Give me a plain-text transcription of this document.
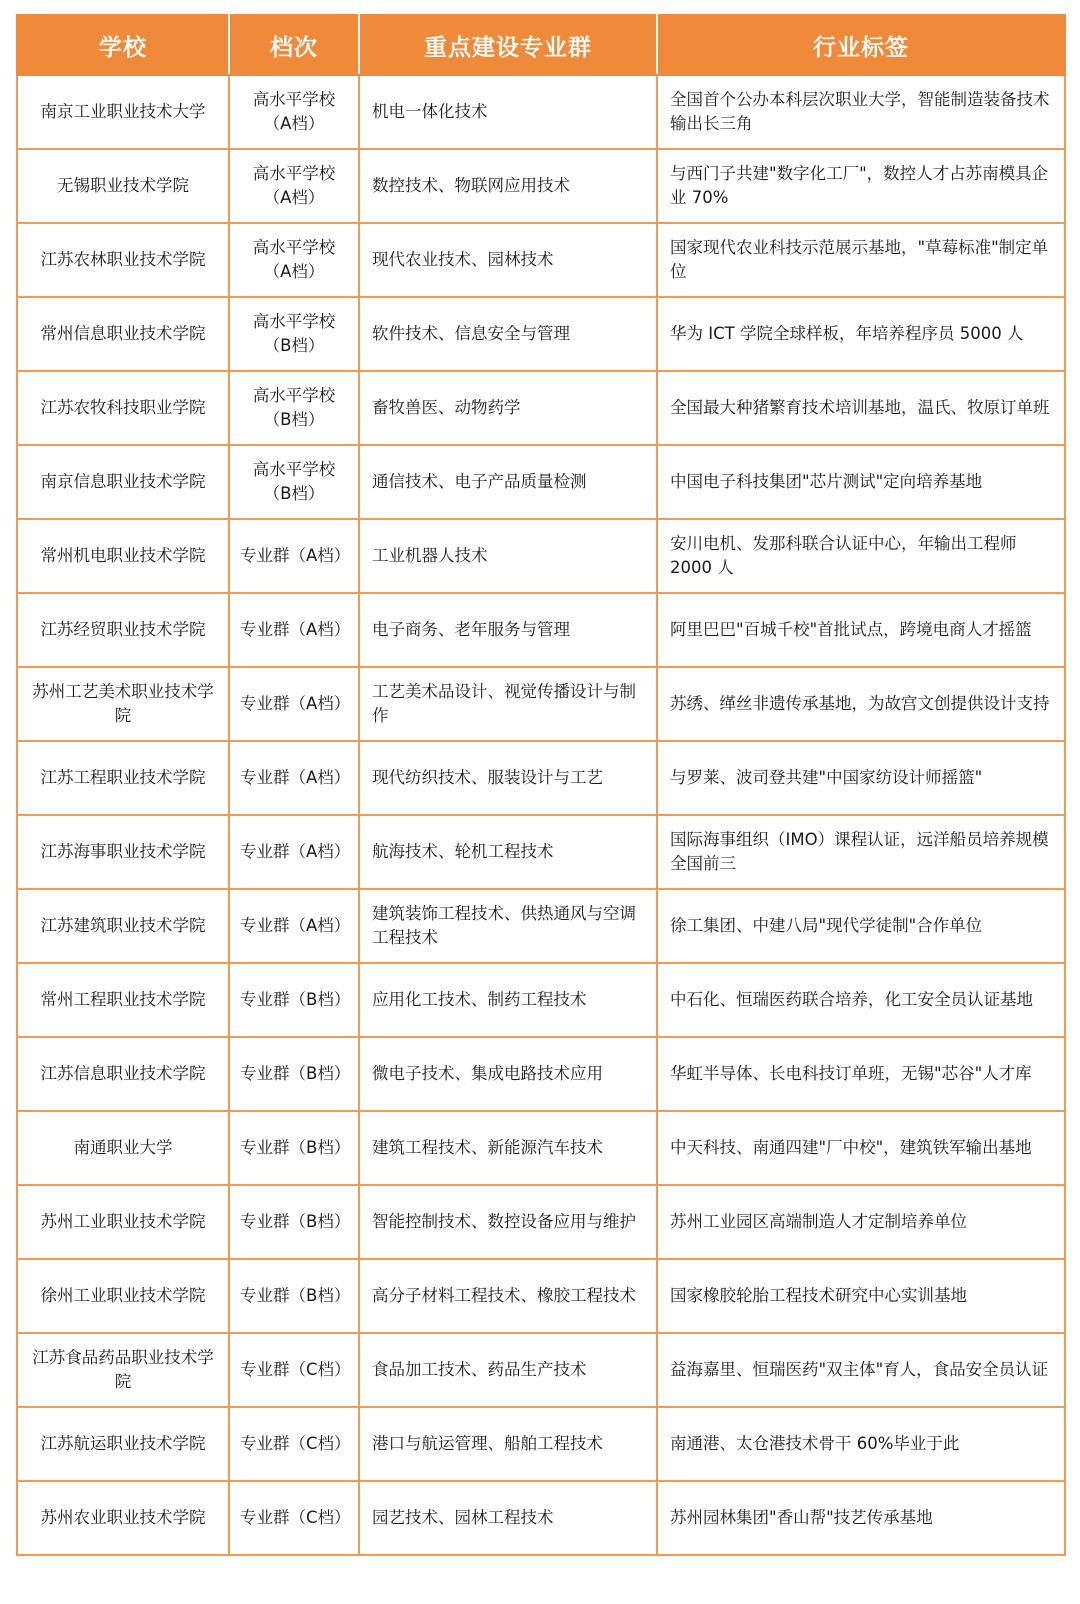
学校	档次	重点建设专业群	行业标签
南京工业职业技术大学	高水平学校（A档）	机电一体化技术	全国首个公办本科层次职业大学，智能制造装备技术输出长三角
无锡职业技术学院	高水平学校（A档）	数控技术、物联网应用技术	与西门子共建"数字化工厂"，数控人才占苏南模具企业 70%
江苏农林职业技术学院	高水平学校（A档）	现代农业技术、园林技术	国家现代农业科技示范展示基地，"草莓标准"制定单位
常州信息职业技术学院	高水平学校（B档）	软件技术、信息安全与管理	华为 ICT 学院全球样板，年培养程序员 5000 人
江苏农牧科技职业学院	高水平学校（B档）	畜牧兽医、动物药学	全国最大种猪繁育技术培训基地，温氏、牧原订单班
南京信息职业技术学院	高水平学校（B档）	通信技术、电子产品质量检测	中国电子科技集团"芯片测试"定向培养基地
常州机电职业技术学院	专业群（A档）	工业机器人技术	安川电机、发那科联合认证中心，年输出工程师 2000 人
江苏经贸职业技术学院	专业群（A档）	电子商务、老年服务与管理	阿里巴巴"百城千校"首批试点，跨境电商人才摇篮
苏州工艺美术职业技术学院	专业群（A档）	工艺美术品设计、视觉传播设计与制作	苏绣、缂丝非遗传承基地，为故宫文创提供设计支持
江苏工程职业技术学院	专业群（A档）	现代纺织技术、服装设计与工艺	与罗莱、波司登共建"中国家纺设计师摇篮"
江苏海事职业技术学院	专业群（A档）	航海技术、轮机工程技术	国际海事组织（IMO）课程认证，远洋船员培养规模全国前三
江苏建筑职业技术学院	专业群（A档）	建筑装饰工程技术、供热通风与空调工程技术	徐工集团、中建八局"现代学徒制"合作单位
常州工程职业技术学院	专业群（B档）	应用化工技术、制药工程技术	中石化、恒瑞医药联合培养，化工安全员认证基地
江苏信息职业技术学院	专业群（B档）	微电子技术、集成电路技术应用	华虹半导体、长电科技订单班，无锡"芯谷"人才库
南通职业大学	专业群（B档）	建筑工程技术、新能源汽车技术	中天科技、南通四建"厂中校"，建筑铁军输出基地
苏州工业职业技术学院	专业群（B档）	智能控制技术、数控设备应用与维护	苏州工业园区高端制造人才定制培养单位
徐州工业职业技术学院	专业群（B档）	高分子材料工程技术、橡胶工程技术	国家橡胶轮胎工程技术研究中心实训基地
江苏食品药品职业技术学院	专业群（C档）	食品加工技术、药品生产技术	益海嘉里、恒瑞医药"双主体"育人，食品安全员认证
江苏航运职业技术学院	专业群（C档）	港口与航运管理、船舶工程技术	南通港、太仓港技术骨干 60%毕业于此
苏州农业职业技术学院	专业群（C档）	园艺技术、园林工程技术	苏州园林集团"香山帮"技艺传承基地
